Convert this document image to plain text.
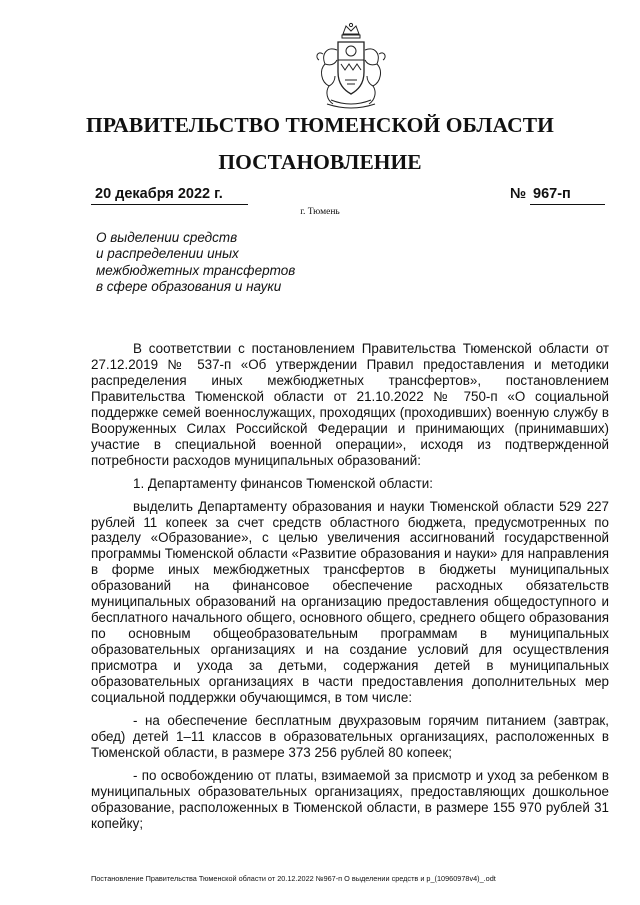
ПРАВИТЕЛЬСТВО ТЮМЕНСКОЙ ОБЛАСТИ
ПОСТАНОВЛЕНИЕ
20 декабря 2022 г.	№ 967-п
г. Тюмень
О выделении средств
и распределении иных
межбюджетных трансфертов
в сфере образования и науки

В соответствии с постановлением Правительства Тюменской области от 27.12.2019 № 537-п «Об утверждении Правил предоставления и методики распределения иных межбюджетных трансфертов», постановлением Правительства Тюменской области от 21.10.2022 № 750-п «О социальной поддержке семей военнослужащих, проходящих (проходивших) военную службу в Вооруженных Силах Российской Федерации и принимающих (принимавших) участие в специальной военной операции», исходя из подтвержденной потребности расходов муниципальных образований:

1. Департаменту финансов Тюменской области:

выделить Департаменту образования и науки Тюменской области 529 227 рублей 11 копеек за счет средств областного бюджета, предусмотренных по разделу «Образование», с целью увеличения ассигнований государственной программы Тюменской области «Развитие образования и науки» для направления в форме иных межбюджетных трансфертов в бюджеты муниципальных образований на финансовое обеспечение расходных обязательств муниципальных образований на организацию предоставления общедоступного и бесплатного начального общего, основного общего, среднего общего образования по основным общеобразовательным программам в муниципальных образовательных организациях и на создание условий для осуществления присмотра и ухода за детьми, содержания детей в муниципальных образовательных организациях в части предоставления дополнительных мер социальной поддержки обучающимся, в том числе:

- на обеспечение бесплатным двухразовым горячим питанием (завтрак, обед) детей 1–11 классов в образовательных организациях, расположенных в Тюменской области, в размере 373 256 рублей 80 копеек;

- по освобождению от платы, взимаемой за присмотр и уход за ребенком в муниципальных образовательных организациях, предоставляющих дошкольное образование, расположенных в Тюменской области, в размере 155 970 рублей 31 копейку;

Постановление Правительства Тюменской области от 20.12.2022 №967-п О выделении средств и р_(10960978v4)_.odt
